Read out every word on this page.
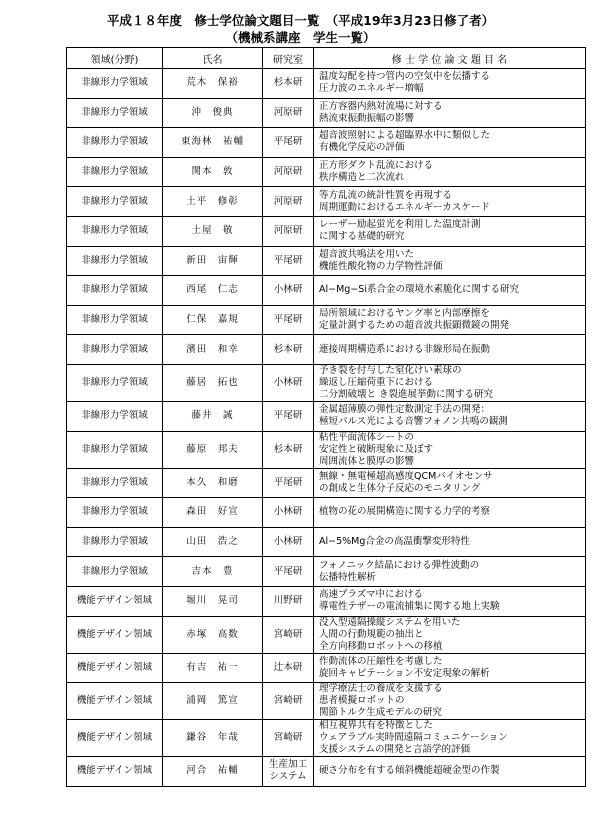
平成１８年度　修士学位論文題目一覧　（平成19年3月23日修了者）
（機械系講座　学生一覧）
領域(分野)	氏名	研究室	修 士 学 位 論 文 題 目 名
非線形力学領域	荒木　保裕	杉本研	温度勾配を持つ管内の空気中を伝播する
圧力波のエネルギー増幅

非線形力学領域	沖　俊典	河原研	正方容器内熱対流場に対する
熱流束振動振幅の影響

非線形力学領域	東海林　祐輔	平尾研	超音波照射による超臨界水中に類似した
有機化学反応の評価

非線形力学領域	関本　敦	河原研	正方形ダクト乱流における
秩序構造と二次流れ

非線形力学領域	土平　修彰	河原研	等方乱流の統計性質を再現する
周期運動におけるエネルギーカスケード

非線形力学領域	土屋　敬	河原研	レーザー励起蛍光を利用した温度計測
に関する基礎的研究

非線形力学領域	新田　宙輝	平尾研	超音波共鳴法を用いた
機能性酸化物の力学物性評価

非線形力学領域	西尾　仁志	小林研	Al−Mg−Si系合金の環境水素脆化に関する研究

非線形力学領域	仁保　嘉規	平尾研	局所領域におけるヤング率と内部摩擦を
定量計測するための超音波共振顕微鏡の開発

非線形力学領域	濱田　和幸	杉本研	連接周期構造系における非線形局在振動

非線形力学領域	藤居　拓也	小林研	予き裂を付与した窒化けい素球の
繰返し圧縮荷重下における
二分割破壊と き裂進展挙動に関する研究

非線形力学領域	藤井　誠	平尾研	金属超薄膜の弾性定数測定手法の開発：
極短パルス光による音響フォノン共鳴の観測

非線形力学領域	藤原　邦夫	杉本研	粘性平面流体シートの
安定性と破断現象に及ぼす
周囲流体と膜厚の影響

非線形力学領域	本久　和磨	平尾研	無線・無電極超高感度QCMバイオセンサ
の創成と生体分子反応のモニタリング

非線形力学領域	森田　好宣	小林研	植物の花の展開構造に関する力学的考察

非線形力学領域	山田　浩之	小林研	Al−5%Mg合金の高温衝撃変形特性

非線形力学領域	吉本　豊	平尾研	フォノニック結晶における弾性波動の
伝播特性解析

機能デザイン領域	堀川　晃司	川野研	高速プラズマ中における
導電性テザーの電流捕集に関する地上実験

機能デザイン領域	赤塚　高数	宮崎研	没入型遠隔操縦システムを用いた
人間の行動規範の抽出と
全方向移動ロボットへの移植

機能デザイン領域	有吉　祐一	辻本研	作動流体の圧縮性を考慮した
旋回キャビテーション不安定現象の解析

機能デザイン領域	浦岡　篤宣	宮崎研	理学療法士の養成を支援する
患者模擬ロボットの
関節トルク生成モデルの研究

機能デザイン領域	鎌谷　年哉	宮崎研	相互視界共有を特徴とした
ウェアラブル実時間遠隔コミュニケーション
支援システムの開発と言語学的評価

機能デザイン領域	河合　祐輔	生産加工
システム	硬さ分布を有する傾斜機能超硬金型の作製
